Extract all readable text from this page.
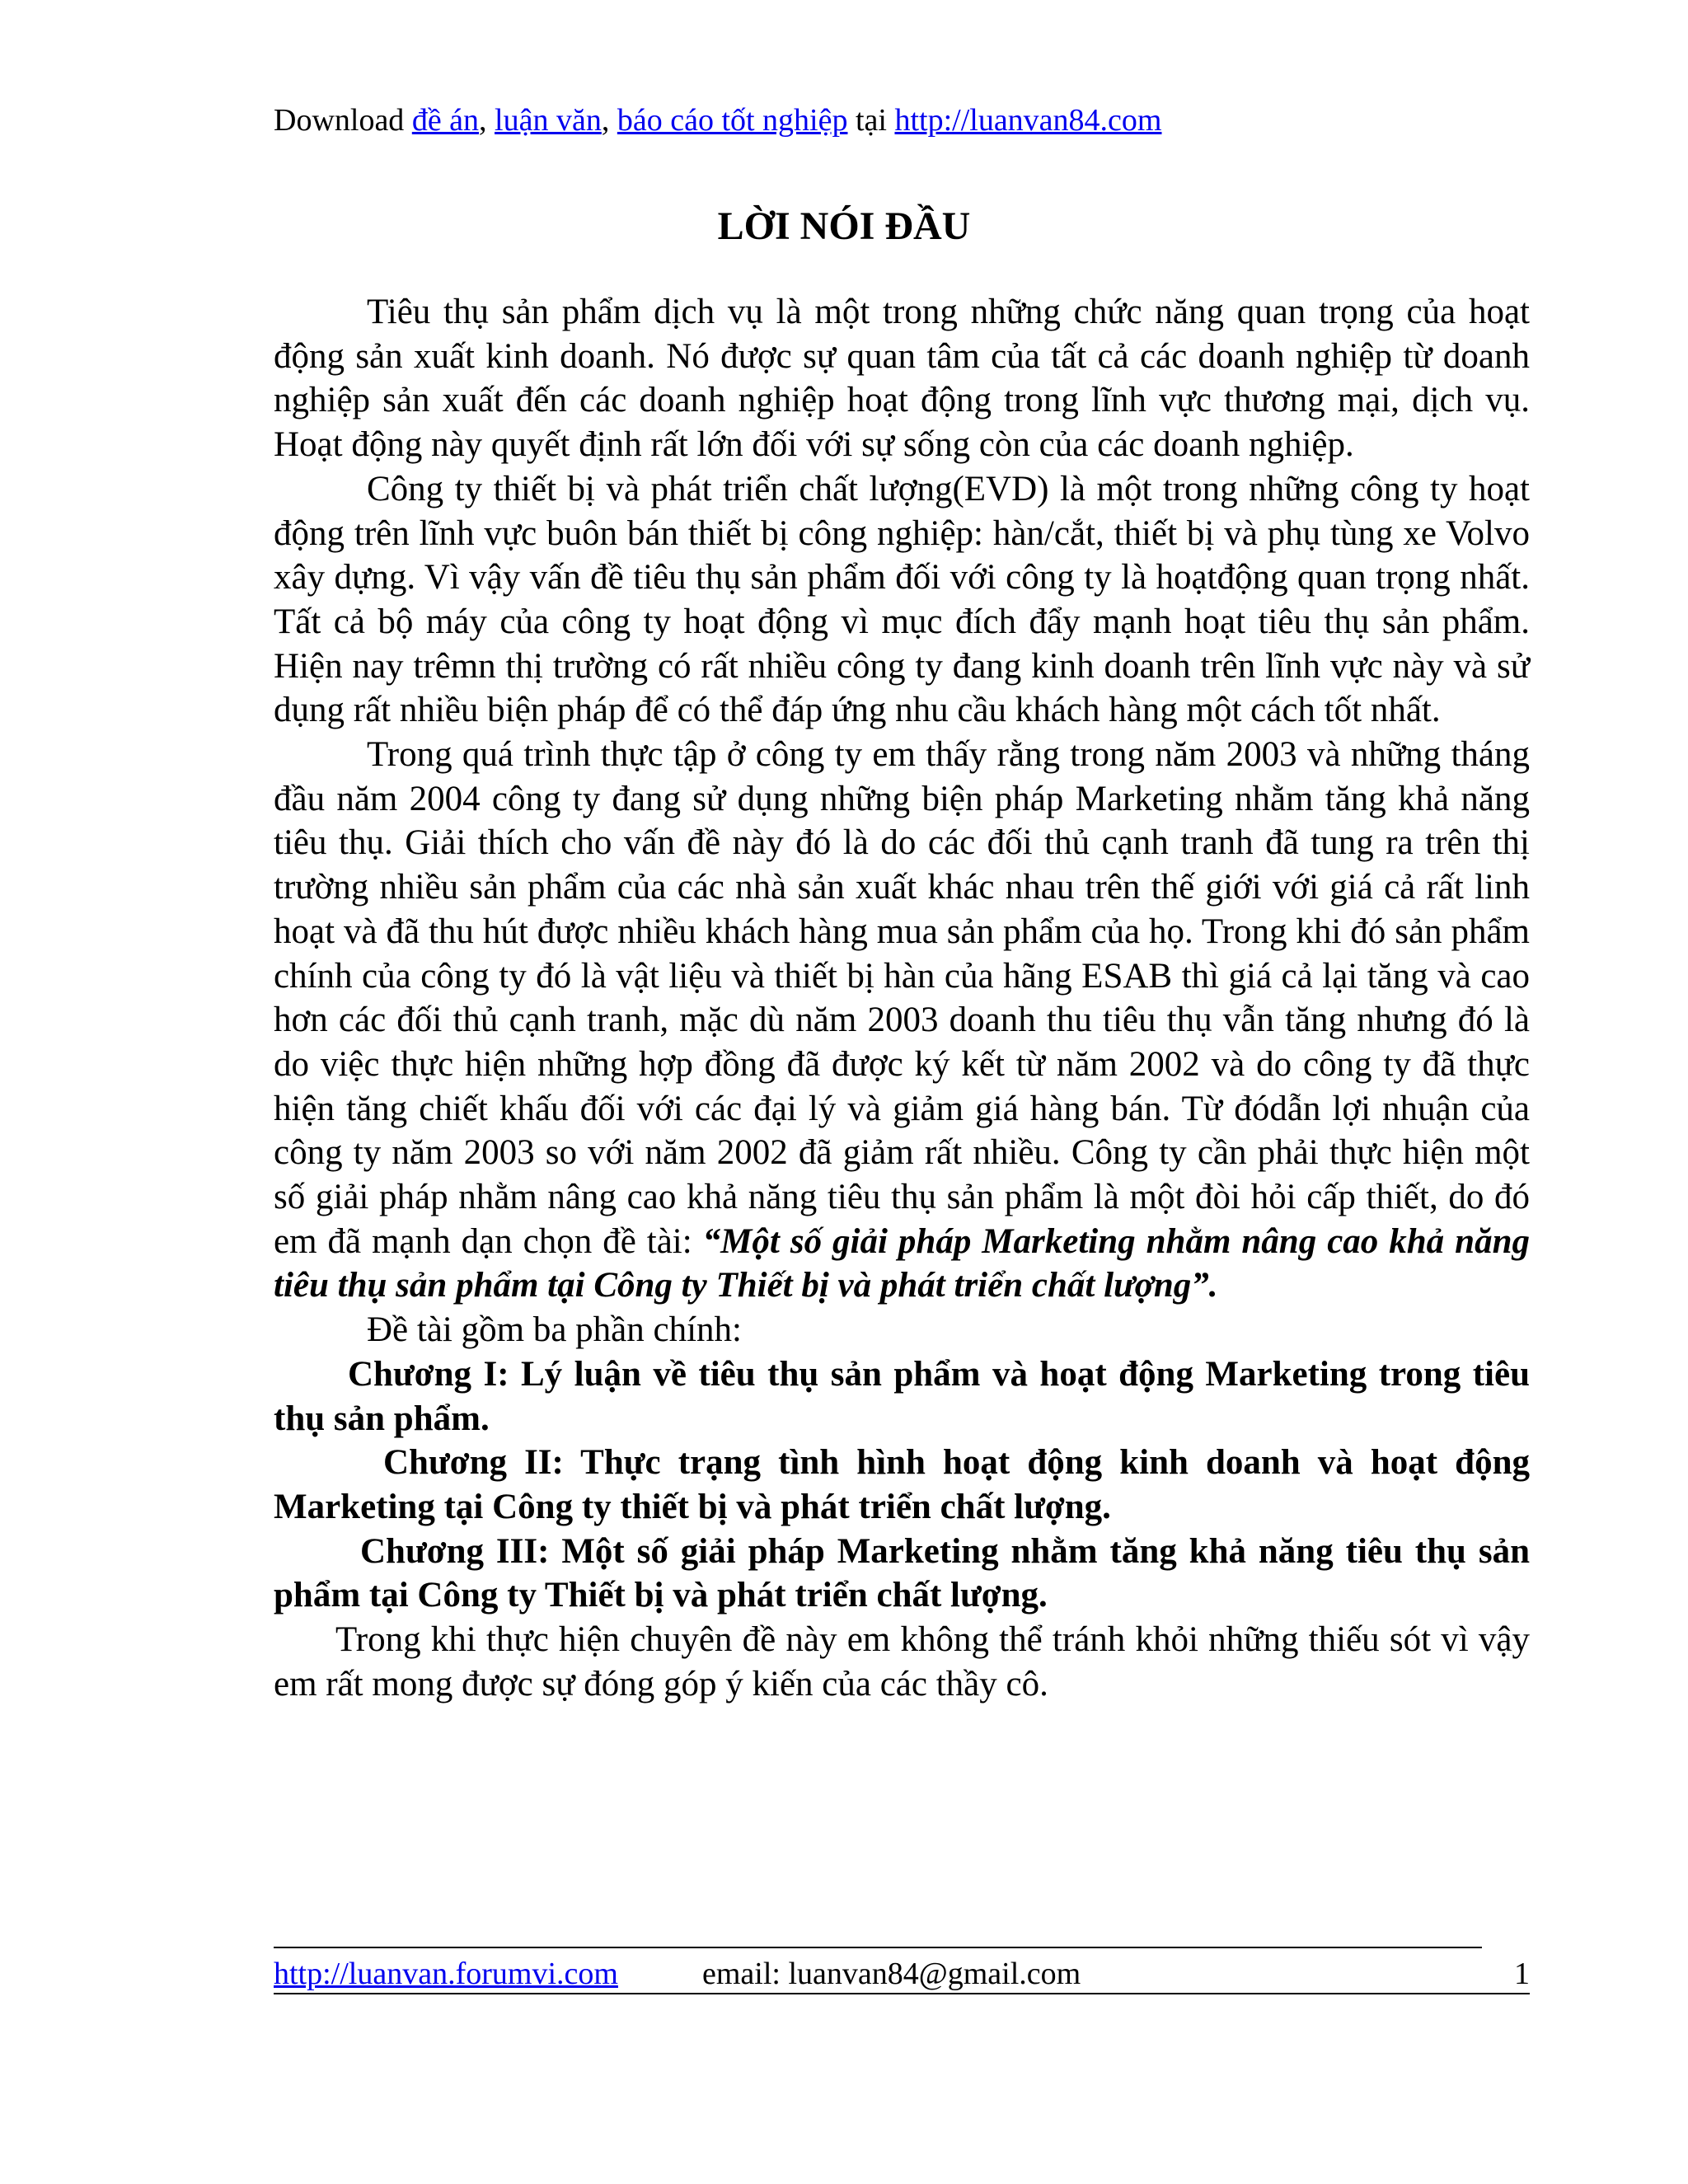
Download đề án, luận văn, báo cáo tốt nghiệp tại http://luanvan84.com
LỜI NÓI ĐẦU

Tiêu thụ sản phẩm dịch vụ là một trong những chức năng quan trọng của hoạt động sản xuất kinh doanh. Nó được sự quan tâm của tất cả các doanh nghiệp từ doanh nghiệp sản xuất đến các doanh nghiệp hoạt động trong lĩnh vực thương mại, dịch vụ. Hoạt động này quyết định rất lớn đối với sự sống còn của các doanh nghiệp.

Công ty thiết bị và phát triển chất lượng(EVD) là một trong những công ty hoạt động trên lĩnh vực buôn bán thiết bị công nghiệp: hàn/cắt, thiết bị và phụ tùng xe Volvo xây dựng. Vì vậy vấn đề tiêu thụ sản phẩm đối với công ty là hoạtđộng quan trọng nhất. Tất cả bộ máy của công ty hoạt động vì mục đích đẩy mạnh hoạt tiêu thụ sản phẩm. Hiện nay trêmn thị trường có rất nhiều công ty đang kinh doanh trên lĩnh vực này và sử dụng rất nhiều biện pháp để có thể đáp ứng nhu cầu khách hàng một cách tốt nhất.

Trong quá trình thực tập ở công ty em thấy rằng trong năm 2003 và những tháng đầu năm 2004 công ty đang sử dụng những biện pháp Marketing nhằm tăng khả năng tiêu thụ. Giải thích cho vấn đề này đó là do các đối thủ cạnh tranh đã tung ra trên thị trường nhiều sản phẩm của các nhà sản xuất khác nhau trên thế giới với giá cả rất linh hoạt và đã thu hút được nhiều khách hàng mua sản phẩm của họ. Trong khi đó sản phẩm chính của công ty đó là vật liệu và thiết bị hàn của hãng ESAB thì giá cả lại tăng và cao hơn các đối thủ cạnh tranh, mặc dù năm 2003 doanh thu tiêu thụ vẫn tăng nhưng đó là do việc thực hiện những hợp đồng đã được ký kết từ năm 2002 và do công ty đã thực hiện tăng chiết khấu đối với các đại lý và giảm giá hàng bán. Từ đódẫn lợi nhuận của công ty năm 2003 so với năm 2002 đã giảm rất nhiều. Công ty cần phải thực hiện một số giải pháp nhằm nâng cao khả năng tiêu thụ sản phẩm là một đòi hỏi cấp thiết, do đó em đã mạnh dạn chọn đề tài: “Một số giải pháp Marketing nhằm nâng cao khả năng tiêu thụ sản phẩm tại Công ty Thiết bị và phát triển chất lượng”.

Đề tài gồm ba phần chính:

Chương I: Lý luận về tiêu thụ sản phẩm và hoạt động Marketing trong tiêu thụ sản phẩm.

Chương II: Thực trạng tình hình hoạt động kinh doanh và hoạt động Marketing tại Công ty thiết bị và phát triển chất lượng.

Chương III: Một số giải pháp Marketing nhằm tăng khả năng tiêu thụ sản phẩm tại Công ty Thiết bị và phát triển chất lượng.

Trong khi thực hiện chuyên đề này em không thể tránh khỏi những thiếu sót vì vậy em rất mong được sự đóng góp ý kiến của các thầy cô.

http://luanvan.forumvi.com	email: luanvan84@gmail.com	1
